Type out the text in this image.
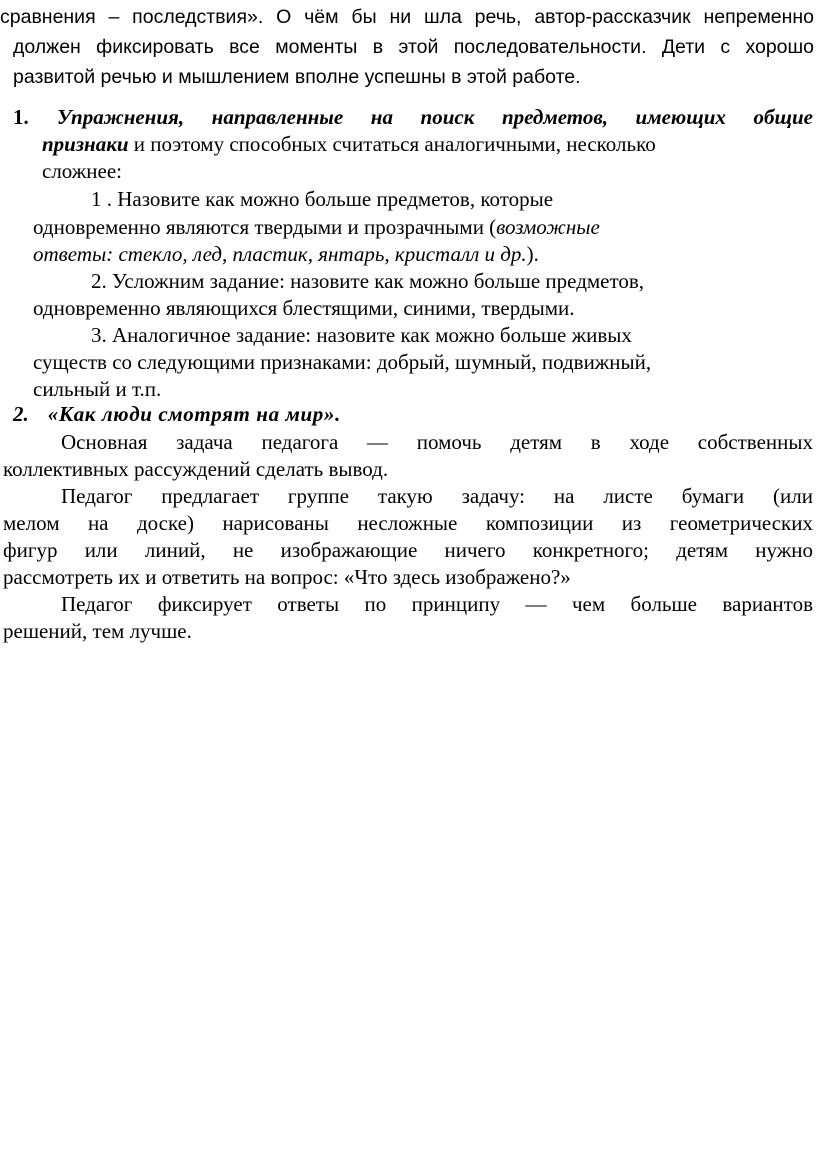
сравнения – последствия». О чём бы ни шла речь, автор-рассказчик непременно
должен фиксировать все моменты в этой последовательности. Дети с хорошо
развитой речью и мышлением вполне успешны в этой работе.
1. Упражнения, направленные на поиск предметов, имеющих общие
признаки и поэтому способных считаться аналогичными, несколько
сложнее:
1 . Назовите как можно больше предметов, которые
одновременно являются твердыми и прозрачными (возможные
ответы: стекло, лед, пластик, янтарь, кристалл и др.).
2. Усложним задание: назовите как можно больше предметов,
одновременно являющихся блестящими, синими, твердыми.
3. Аналогичное задание: назовите как можно больше живых
существ со следующими признаками: добрый, шумный, подвижный,
сильный и т.п.
2. «Как люди смотрят на мир».
Основная задача педагога — помочь детям в ходе собственных
коллективных рассуждений сделать вывод.
Педагог предлагает группе такую задачу: на листе бумаги (или
мелом на доске) нарисованы несложные композиции из геометрических
фигур или линий, не изображающие ничего конкретного; детям нужно
рассмотреть их и ответить на вопрос: «Что здесь изображено?»
Педагог фиксирует ответы по принципу — чем больше вариантов
решений, тем лучше.
